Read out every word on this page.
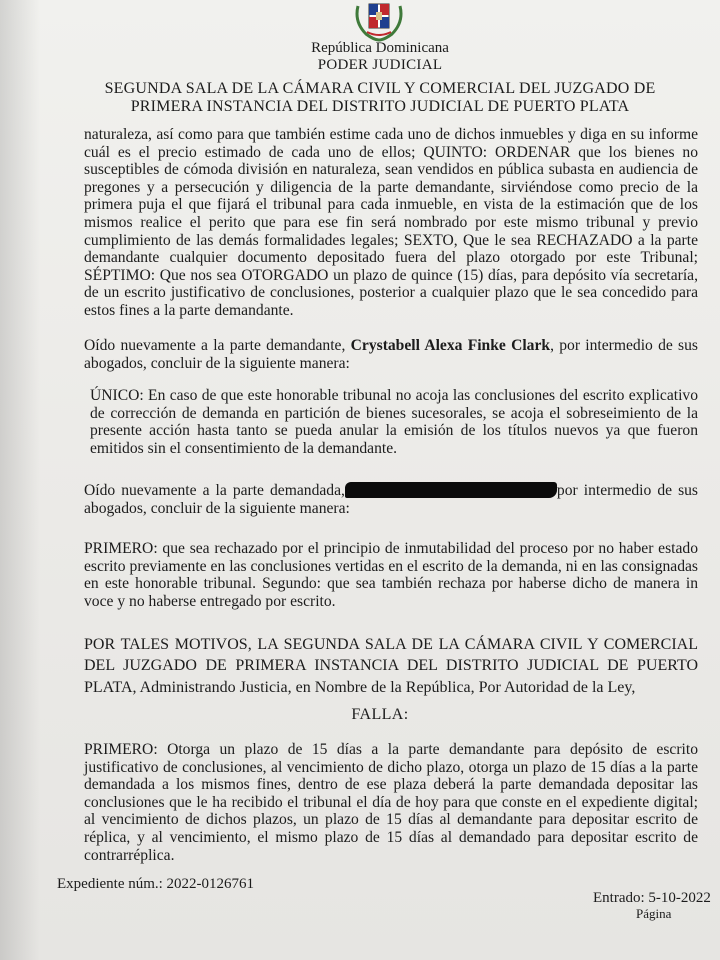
República Dominicana
PODER JUDICIAL
SEGUNDA SALA DE LA CÁMARA CIVIL Y COMERCIAL DEL JUZGADO DE
PRIMERA INSTANCIA DEL DISTRITO JUDICIAL DE PUERTO PLATA

naturaleza, así como para que también estime cada uno de dichos inmuebles y diga en su informe cuál es el precio estimado de cada uno de ellos; QUINTO: ORDENAR que los bienes no susceptibles de cómoda división en naturaleza, sean vendidos en pública subasta en audiencia de pregones y a persecución y diligencia de la parte demandante, sirviéndose como precio de la primera puja el que fijará el tribunal para cada inmueble, en vista de la estimación que de los mismos realice el perito que para ese fin será nombrado por este mismo tribunal y previo cumplimiento de las demás formalidades legales; SEXTO, Que le sea RECHAZADO a la parte demandante cualquier documento depositado fuera del plazo otorgado por este Tribunal; SÉPTIMO: Que nos sea OTORGADO un plazo de quince (15) días, para depósito vía secretaría, de un escrito justificativo de conclusiones, posterior a cualquier plazo que le sea concedido para estos fines a la parte demandante.

Oído nuevamente a la parte demandante, Crystabell Alexa Finke Clark, por intermedio de sus abogados, concluir de la siguiente manera:

ÚNICO: En caso de que este honorable tribunal no acoja las conclusiones del escrito explicativo de corrección de demanda en partición de bienes sucesorales, se acoja el sobreseimiento de la presente acción hasta tanto se pueda anular la emisión de los títulos nuevos ya que fueron emitidos sin el consentimiento de la demandante.

Oído nuevamente a la parte demandada,	por intermedio de sus abogados, concluir de la siguiente manera:

PRIMERO: que sea rechazado por el principio de inmutabilidad del proceso por no haber estado escrito previamente en las conclusiones vertidas en el escrito de la demanda, ni en las consignadas en este honorable tribunal. Segundo: que sea también rechaza por haberse dicho de manera in voce y no haberse entregado por escrito.

POR TALES MOTIVOS, LA SEGUNDA SALA DE LA CÁMARA CIVIL Y COMERCIAL DEL JUZGADO DE PRIMERA INSTANCIA DEL DISTRITO JUDICIAL DE PUERTO PLATA, Administrando Justicia, en Nombre de la República, Por Autoridad de la Ley,

FALLA:

PRIMERO: Otorga un plazo de 15 días a la parte demandante para depósito de escrito justificativo de conclusiones, al vencimiento de dicho plazo, otorga un plazo de 15 días a la parte demandada a los mismos fines, dentro de ese plaza deberá la parte demandada depositar las conclusiones que le ha recibido el tribunal el día de hoy para que conste en el expediente digital; al vencimiento de dichos plazos, un plazo de 15 días al demandante para depositar escrito de réplica, y al vencimiento, el mismo plazo de 15 días al demandado para depositar escrito de contrarréplica.

Expediente núm.: 2022-0126761
Entrado: 5-10-2022
Página
